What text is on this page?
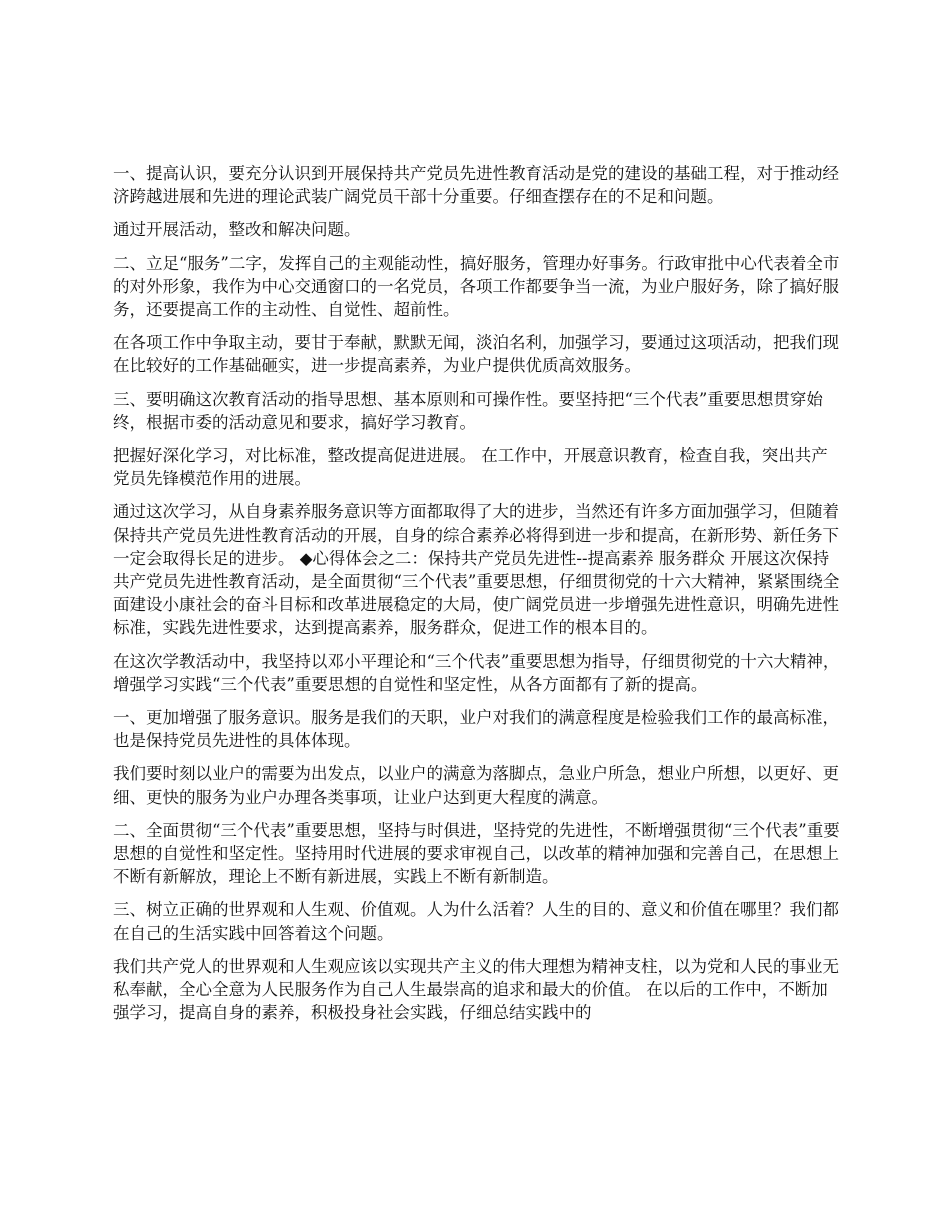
一、提高认识，要充分认识到开展保持共产党员先进性教育活动是党的建设的基础工程，对于推动经济跨越进展和先进的理论武装广阔党员干部十分重要。仔细查摆存在的不足和问题。

通过开展活动，整改和解决问题。

二、立足“服务”二字，发挥自己的主观能动性，搞好服务，管理办好事务。行政审批中心代表着全市的对外形象，我作为中心交通窗口的一名党员，各项工作都要争当一流，为业户服好务，除了搞好服务，还要提高工作的主动性、自觉性、超前性。

在各项工作中争取主动，要甘于奉献，默默无闻，淡泊名利，加强学习，要通过这项活动，把我们现在比较好的工作基础砸实，进一步提高素养，为业户提供优质高效服务。

三、要明确这次教育活动的指导思想、基本原则和可操作性。要坚持把“三个代表”重要思想贯穿始终，根据市委的活动意见和要求，搞好学习教育。

把握好深化学习，对比标准，整改提高促进进展。 在工作中，开展意识教育，检查自我，突出共产党员先锋模范作用的进展。

通过这次学习，从自身素养服务意识等方面都取得了大的进步，当然还有许多方面加强学习，但随着保持共产党员先进性教育活动的开展，自身的综合素养必将得到进一步和提高，在新形势、新任务下一定会取得长足的进步。 ◆心得体会之二：保持共产党员先进性--提高素养 服务群众 开展这次保持共产党员先进性教育活动，是全面贯彻“三个代表”重要思想，仔细贯彻党的十六大精神，紧紧围绕全面建设小康社会的奋斗目标和改革进展稳定的大局，使广阔党员进一步增强先进性意识，明确先进性标准，实践先进性要求，达到提高素养，服务群众，促进工作的根本目的。

在这次学教活动中，我坚持以邓小平理论和“三个代表”重要思想为指导，仔细贯彻党的十六大精神，增强学习实践“三个代表”重要思想的自觉性和坚定性，从各方面都有了新的提高。

一、更加增强了服务意识。服务是我们的天职，业户对我们的满意程度是检验我们工作的最高标准，也是保持党员先进性的具体体现。

我们要时刻以业户的需要为出发点，以业户的满意为落脚点，急业户所急，想业户所想，以更好、更细、更快的服务为业户办理各类事项，让业户达到更大程度的满意。

二、全面贯彻“三个代表”重要思想，坚持与时俱进，坚持党的先进性，不断增强贯彻“三个代表”重要思想的自觉性和坚定性。坚持用时代进展的要求审视自己，以改革的精神加强和完善自己，在思想上不断有新解放，理论上不断有新进展，实践上不断有新制造。

三、树立正确的世界观和人生观、价值观。人为什么活着？人生的目的、意义和价值在哪里？我们都在自己的生活实践中回答着这个问题。

我们共产党人的世界观和人生观应该以实现共产主义的伟大理想为精神支柱，以为党和人民的事业无私奉献，全心全意为人民服务作为自己人生最崇高的追求和最大的价值。 在以后的工作中，不断加强学习，提高自身的素养，积极投身社会实践，仔细总结实践中的
